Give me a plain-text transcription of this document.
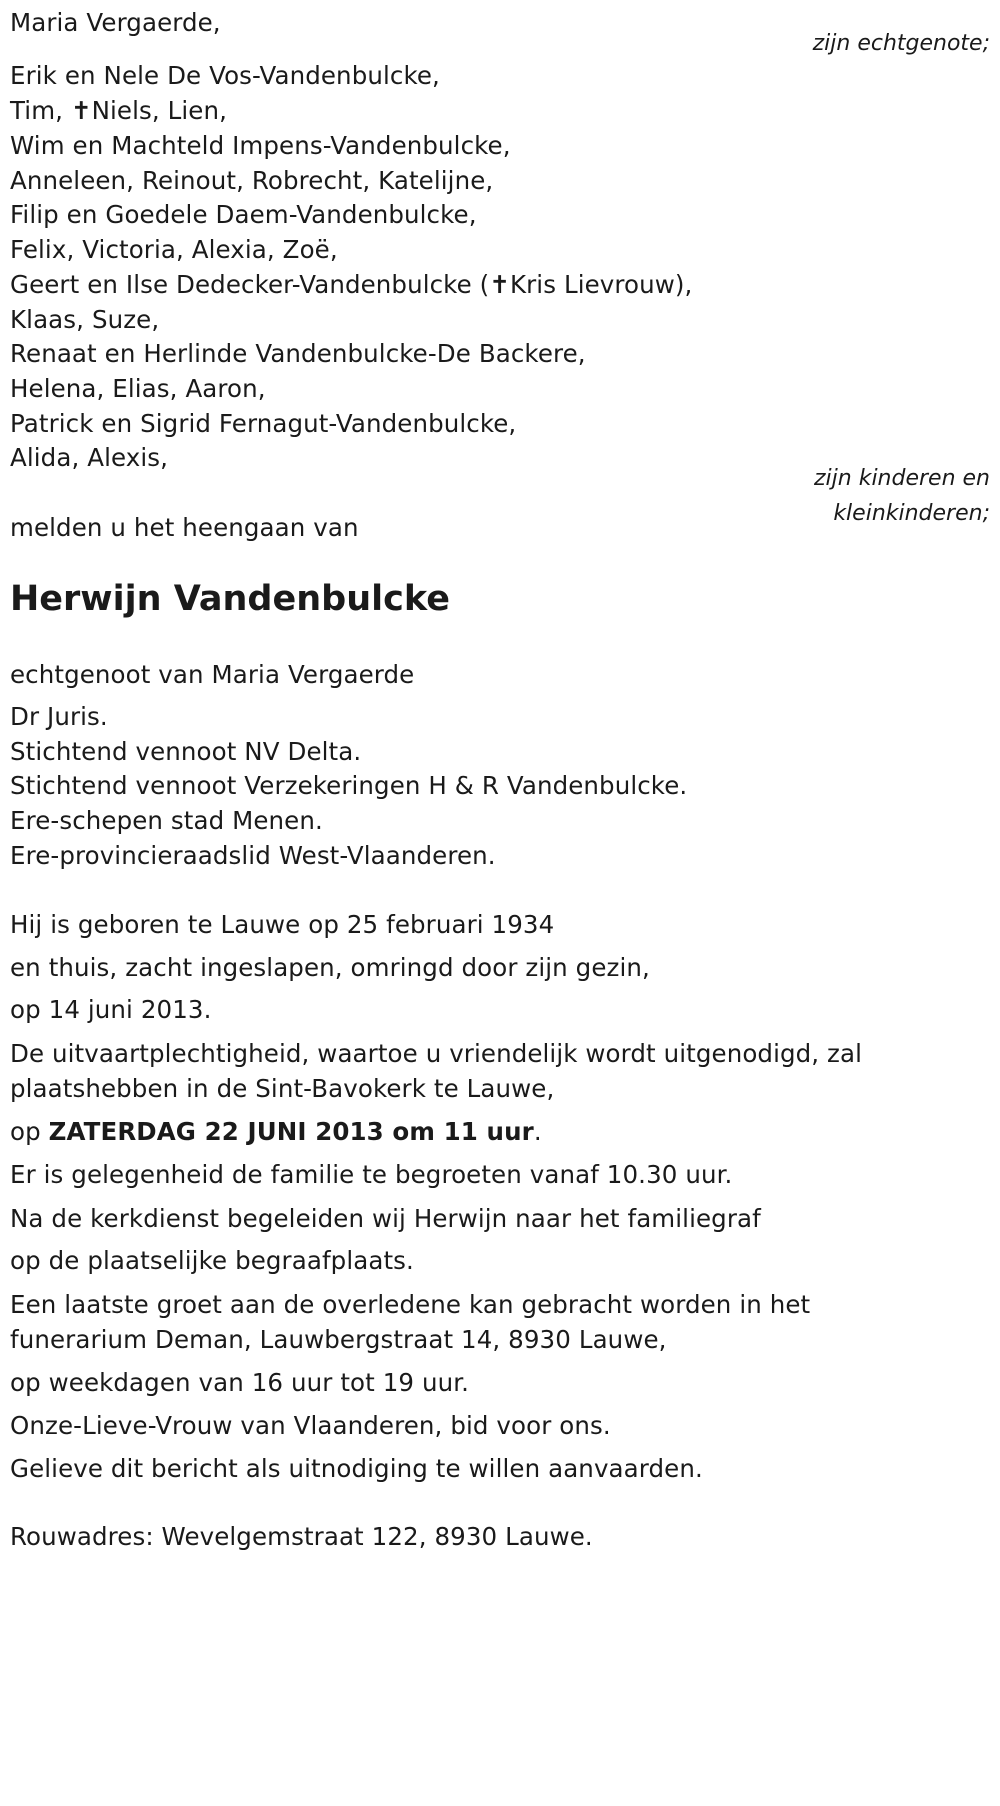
Maria Vergaerde,
zijn echtgenote;
Erik en Nele De Vos-Vandenbulcke,
Tim, ✝Niels, Lien,
Wim en Machteld Impens-Vandenbulcke,
Anneleen, Reinout, Robrecht, Katelijne,
Filip en Goedele Daem-Vandenbulcke,
Felix, Victoria, Alexia, Zoë,
Geert en Ilse Dedecker-Vandenbulcke (✝Kris Lievrouw),
Klaas, Suze,
Renaat en Herlinde Vandenbulcke-De Backere,
Helena, Elias, Aaron,
Patrick en Sigrid Fernagut-Vandenbulcke,
Alida, Alexis,
zijn kinderen en
kleinkinderen;
melden u het heengaan van
Herwijn Vandenbulcke
echtgenoot van Maria Vergaerde
Dr Juris.
Stichtend vennoot NV Delta.
Stichtend vennoot Verzekeringen H & R Vandenbulcke.
Ere-schepen stad Menen.
Ere-provincieraadslid West-Vlaanderen.
Hij is geboren te Lauwe op 25 februari 1934
en thuis, zacht ingeslapen, omringd door zijn gezin,
op 14 juni 2013.
De uitvaartplechtigheid, waartoe u vriendelijk wordt uitgenodigd, zal
plaatshebben in de Sint-Bavokerk te Lauwe,
op ZATERDAG 22 JUNI 2013 om 11 uur.
Er is gelegenheid de familie te begroeten vanaf 10.30 uur.
Na de kerkdienst begeleiden wij Herwijn naar het familiegraf
op de plaatselijke begraafplaats.
Een laatste groet aan de overledene kan gebracht worden in het
funerarium Deman, Lauwbergstraat 14, 8930 Lauwe,
op weekdagen van 16 uur tot 19 uur.
Onze-Lieve-Vrouw van Vlaanderen, bid voor ons.
Gelieve dit bericht als uitnodiging te willen aanvaarden.
Rouwadres: Wevelgemstraat 122, 8930 Lauwe.
